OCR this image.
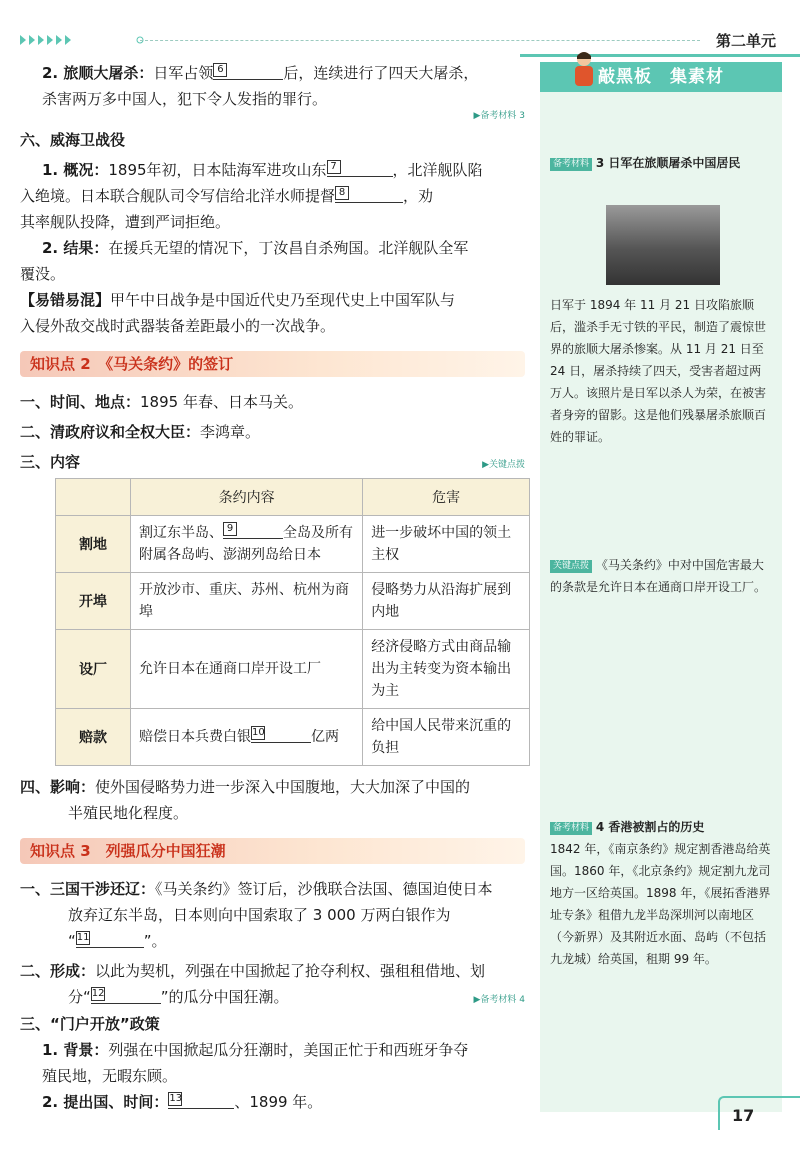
第二单元

2. 旅顺大屠杀：日军占领 6	后，连续进行了四天大屠杀，

杀害两万多中国人，犯下令人发指的罪行。

▶备考材料 3

六、威海卫战役

1. 概况：1895年初，日本陆海军进攻山东 7	，北洋舰队陷

入绝境。日本联合舰队司令写信给北洋水师提督 8	，劝

其率舰队投降，遭到严词拒绝。

2. 结果：在援兵无望的情况下，丁汝昌自杀殉国。北洋舰队全军

覆没。

【易错易混】甲午中日战争是中国近代史乃至现代史上中国军队与

入侵外敌交战时武器装备差距最小的一次战争。

知识点 2　《马关条约》的签订

一、时间、地点：1895 年春、日本马关。

二、清政府议和全权大臣：李鸿章。

三、内容	▶关键点拨
	条约内容	危害
割地	割辽东半岛、 9 全岛及所有附属各岛屿、澎湖列岛给日本	进一步破坏中国的领土主权
开埠	开放沙市、重庆、苏州、杭州为商埠	侵略势力从沿海扩展到内地
设厂	允许日本在通商口岸开设工厂	经济侵略方式由商品输出为主转变为资本输出为主
赔款	赔偿日本兵费白银 10 亿两	给中国人民带来沉重的负担

四、影响：使外国侵略势力进一步深入中国腹地，大大加深了中国的

半殖民地化程度。

知识点 3　列强瓜分中国狂潮

一、三国干涉还辽：《马关条约》签订后，沙俄联合法国、德国迫使日本

放弃辽东半岛，日本则向中国索取了 3 000 万两白银作为

“ 11	”。

二、形成：以此为契机，列强在中国掀起了抢夺利权、强租租借地、划

分“ 12	”的瓜分中国狂潮。	▶备考材料 4

三、“门户开放”政策

1. 背景：列强在中国掀起瓜分狂潮时，美国正忙于和西班牙争夺

殖民地，无暇东顾。

2. 提出国、时间： 13	、1899 年。

敲黑板　集素材
备考材料 3 日军在旅顺屠杀中国居民
日军于 1894 年 11 月 21 日攻陷旅顺后，滥杀手无寸铁的平民，制造了震惊世界的旅顺大屠杀惨案。从 11 月 21 日至 24 日，屠杀持续了四天，受害者超过两万人。该照片是日军以杀人为荣，在被害者身旁的留影。这是他们残暴屠杀旅顺百姓的罪证。
关键点拨 《马关条约》中对中国危害最大的条款是允许日本在通商口岸开设工厂。
备考材料 4 香港被割占的历史
1842 年，《南京条约》规定割香港岛给英国。1860 年，《北京条约》规定割九龙司地方一区给英国。1898 年，《展拓香港界址专条》租借九龙半岛深圳河以南地区（今新界）及其附近水面、岛屿（不包括九龙城）给英国，租期 99 年。
17
